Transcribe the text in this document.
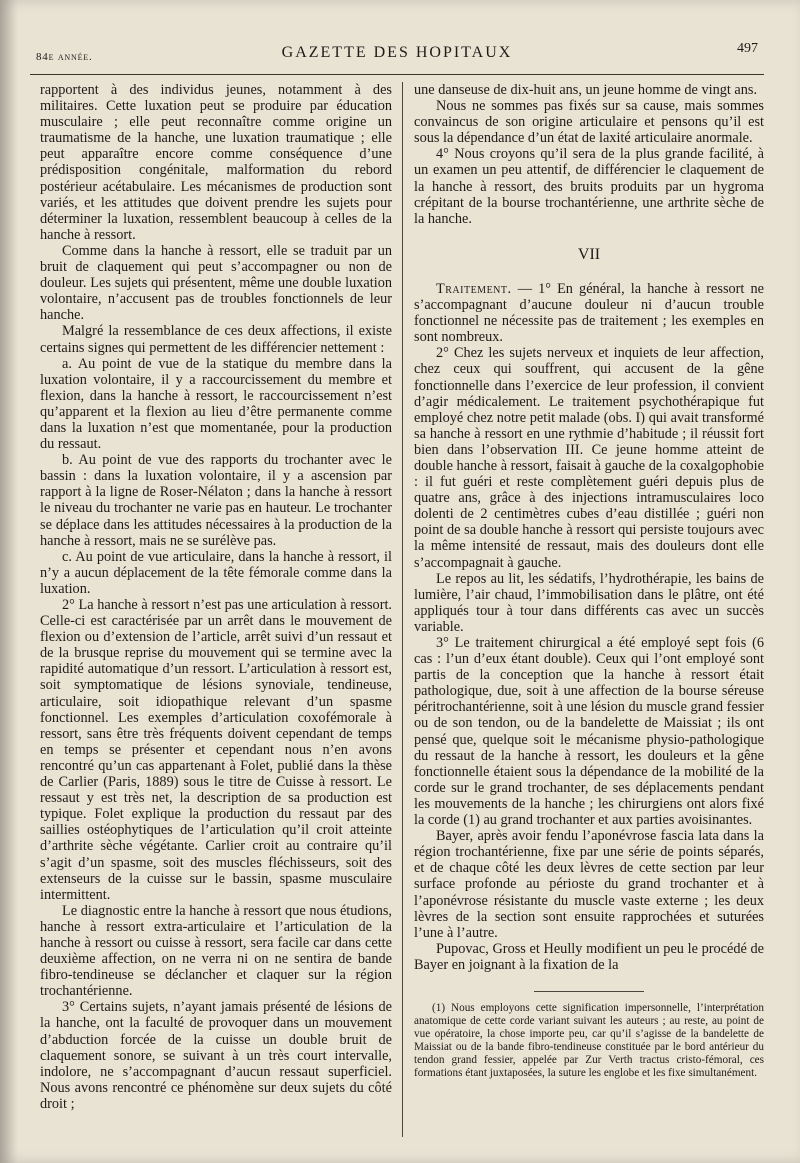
84e année.	GAZETTE DES HOPITAUX	497

rapportent à des individus jeunes, notamment à des militaires. Cette luxation peut se produire par éducation musculaire ; elle peut reconnaître comme origine un traumatisme de la hanche, une luxation traumatique ; elle peut apparaître encore comme conséquence d’une prédisposition congénitale, malformation du rebord postérieur acétabulaire. Les mécanismes de production sont variés, et les attitudes que doivent prendre les sujets pour déterminer la luxation, ressemblent beaucoup à celles de la hanche à ressort.

Comme dans la hanche à ressort, elle se traduit par un bruit de claquement qui peut s’accompagner ou non de douleur. Les sujets qui présentent, même une double luxation volontaire, n’accusent pas de troubles fonctionnels de leur hanche.

Malgré la ressemblance de ces deux affections, il existe certains signes qui permettent de les différencier nettement :

a. Au point de vue de la statique du membre dans la luxation volontaire, il y a raccourcissement du membre et flexion, dans la hanche à ressort, le raccourcissement n’est qu’apparent et la flexion au lieu d’être permanente comme dans la luxation n’est que momentanée, pour la production du ressaut.

b. Au point de vue des rapports du trochanter avec le bassin : dans la luxation volontaire, il y a ascension par rapport à la ligne de Roser-Nélaton ; dans la hanche à ressort le niveau du trochanter ne varie pas en hauteur. Le trochanter se déplace dans les attitudes nécessaires à la production de la hanche à ressort, mais ne se surélève pas.

c. Au point de vue articulaire, dans la hanche à ressort, il n’y a aucun déplacement de la tête fémorale comme dans la luxation.

2° La hanche à ressort n’est pas une articulation à ressort. Celle-ci est caractérisée par un arrêt dans le mouvement de flexion ou d’extension de l’article, arrêt suivi d’un ressaut et de la brusque reprise du mouvement qui se termine avec la rapidité automatique d’un ressort. L’articulation à ressort est, soit symptomatique de lésions synoviale, tendineuse, articulaire, soit idiopathique relevant d’un spasme fonctionnel. Les exemples d’articulation coxofémorale à ressort, sans être très fréquents doivent cependant de temps en temps se présenter et cependant nous n’en avons rencontré qu’un cas appartenant à Folet, publié dans la thèse de Carlier (Paris, 1889) sous le titre de Cuisse à ressort. Le ressaut y est très net, la description de sa production est typique. Folet explique la production du ressaut par des saillies ostéophytiques de l’articulation qu’il croit atteinte d’arthrite sèche végétante. Carlier croit au contraire qu’il s’agit d’un spasme, soit des muscles fléchisseurs, soit des extenseurs de la cuisse sur le bassin, spasme musculaire intermittent.

Le diagnostic entre la hanche à ressort que nous étudions, hanche à ressort extra-articulaire et l’articulation de la hanche à ressort ou cuisse à ressort, sera facile car dans cette deuxième affection, on ne verra ni on ne sentira de bande fibro-tendineuse se déclancher et claquer sur la région trochantérienne.

3° Certains sujets, n’ayant jamais présenté de lésions de la hanche, ont la faculté de provoquer dans un mouvement d’abduction forcée de la cuisse un double bruit de claquement sonore, se suivant à un très court intervalle, indolore, ne s’accompagnant d’aucun ressaut superficiel. Nous avons rencontré ce phénomène sur deux sujets du côté droit ;

une danseuse de dix-huit ans, un jeune homme de vingt ans.

Nous ne sommes pas fixés sur sa cause, mais sommes convaincus de son origine articulaire et pensons qu’il est sous la dépendance d’un état de laxité articulaire anormale.

4° Nous croyons qu’il sera de la plus grande facilité, à un examen un peu attentif, de différencier le claquement de la hanche à ressort, des bruits produits par un hygroma crépitant de la bourse trochantérienne, une arthrite sèche de la hanche.

VII

Traitement. — 1° En général, la hanche à ressort ne s’accompagnant d’aucune douleur ni d’aucun trouble fonctionnel ne nécessite pas de traitement ; les exemples en sont nombreux.

2° Chez les sujets nerveux et inquiets de leur affection, chez ceux qui souffrent, qui accusent de la gêne fonctionnelle dans l’exercice de leur profession, il convient d’agir médicalement. Le traitement psychothérapique fut employé chez notre petit malade (obs. I) qui avait transformé sa hanche à ressort en une rythmie d’habitude ; il réussit fort bien dans l’observation III. Ce jeune homme atteint de double hanche à ressort, faisait à gauche de la coxalgophobie : il fut guéri et reste complètement guéri depuis plus de quatre ans, grâce à des injections intramusculaires loco dolenti de 2 centimètres cubes d’eau distillée ; guéri non point de sa double hanche à ressort qui persiste toujours avec la même intensité de ressaut, mais des douleurs dont elle s’accompagnait à gauche.

Le repos au lit, les sédatifs, l’hydrothérapie, les bains de lumière, l’air chaud, l’immobilisation dans le plâtre, ont été appliqués tour à tour dans différents cas avec un succès variable.

3° Le traitement chirurgical a été employé sept fois (6 cas : l’un d’eux étant double). Ceux qui l’ont employé sont partis de la conception que la hanche à ressort était pathologique, due, soit à une affection de la bourse séreuse péritrochantérienne, soit à une lésion du muscle grand fessier ou de son tendon, ou de la bandelette de Maissiat ; ils ont pensé que, quelque soit le mécanisme physio-pathologique du ressaut de la hanche à ressort, les douleurs et la gêne fonctionnelle étaient sous la dépendance de la mobilité de la corde sur le grand trochanter, de ses déplacements pendant les mouvements de la hanche ; les chirurgiens ont alors fixé la corde (1) au grand trochanter et aux parties avoisinantes.

Bayer, après avoir fendu l’aponévrose fascia lata dans la région trochantérienne, fixe par une série de points séparés, et de chaque côté les deux lèvres de cette section par leur surface profonde au périoste du grand trochanter et à l’aponévrose résistante du muscle vaste externe ; les deux lèvres de la section sont ensuite rapprochées et suturées l’une à l’autre.

Pupovac, Gross et Heully modifient un peu le procédé de Bayer en joignant à la fixation de la

(1) Nous employons cette signification impersonnelle, l’interprétation anatomique de cette corde variant suivant les auteurs ; au reste, au point de vue opératoire, la chose importe peu, car qu’il s’agisse de la bandelette de Maissiat ou de la bande fibro-tendineuse constituée par le bord antérieur du tendon grand fessier, appelée par Zur Verth tractus cristo-fémoral, ces formations étant juxtaposées, la suture les englobe et les fixe simultanément.
